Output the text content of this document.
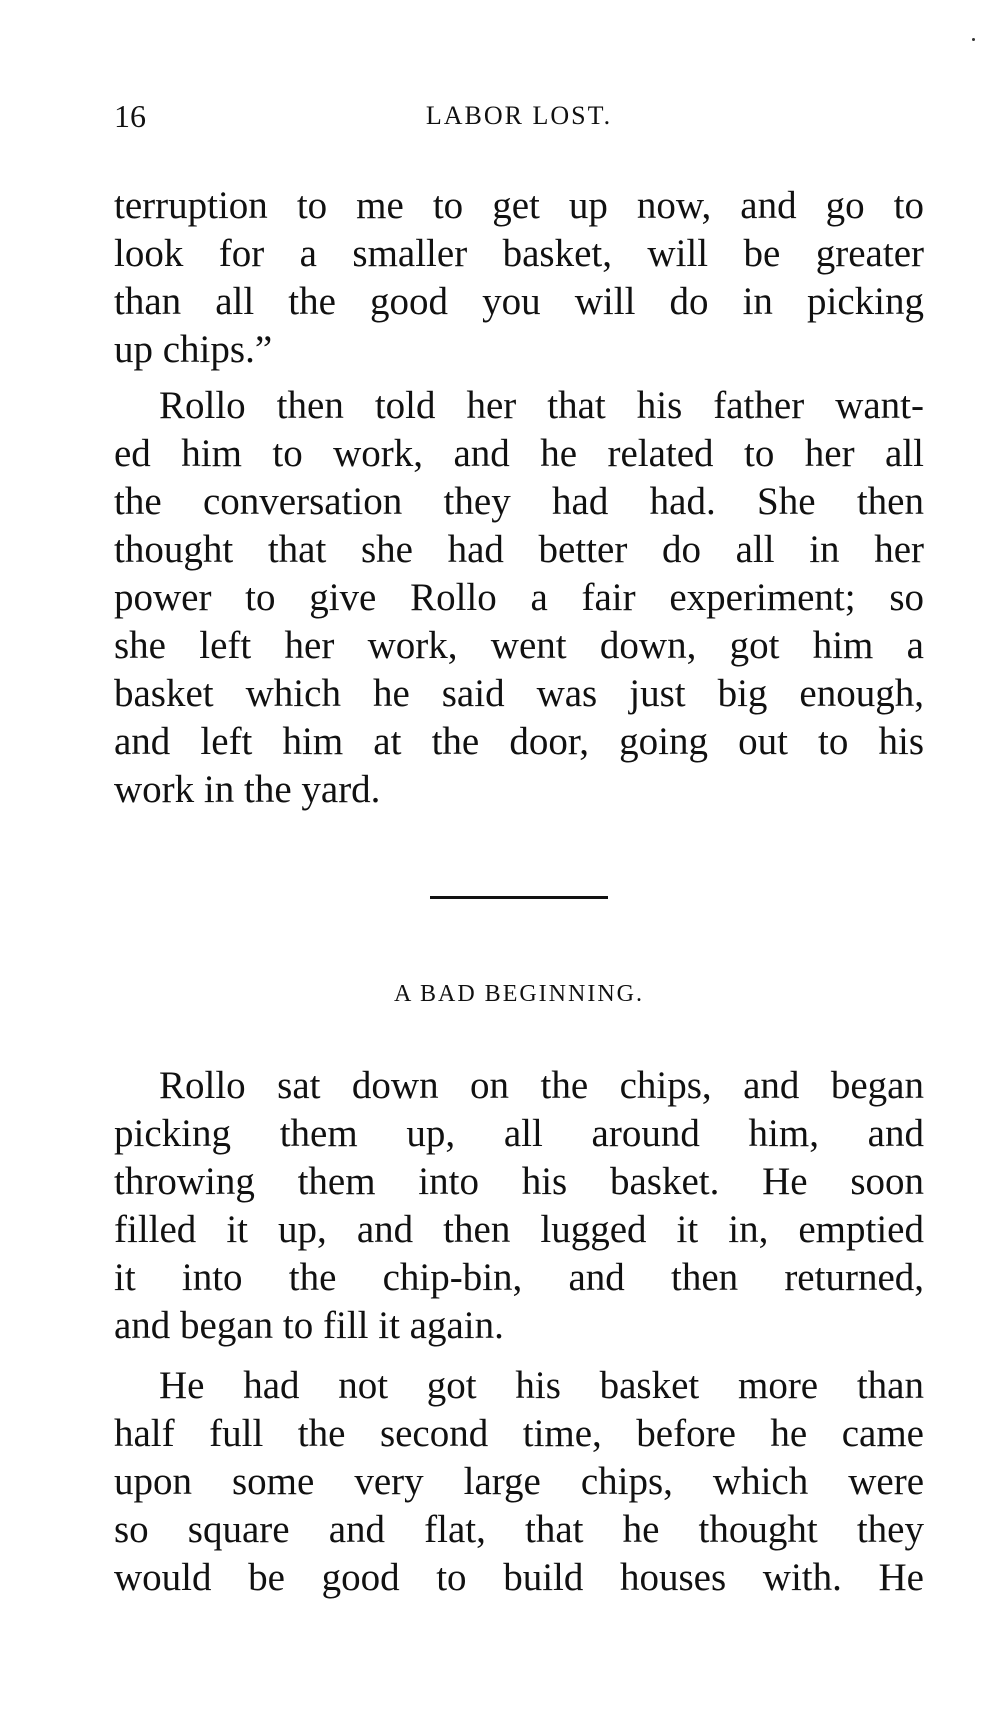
16	LABOR LOST.
terruption to me to get up now, and go to
look for a smaller basket, will be greater
than all the good you will do in picking
up chips.”
Rollo then told her that his father want-
ed him to work, and he related to her all
the conversation they had had. She then
thought that she had better do all in her
power to give Rollo a fair experiment; so
she left her work, went down, got him a
basket which he said was just big enough,
and left him at the door, going out to his
work in the yard.
A BAD BEGINNING.
Rollo sat down on the chips, and began
picking them up, all around him, and
throwing them into his basket. He soon
filled it up, and then lugged it in, emptied
it into the chip-bin, and then returned,
and began to fill it again.
He had not got his basket more than
half full the second time, before he came
upon some very large chips, which were
so square and flat, that he thought they
would be good to build houses with. He
